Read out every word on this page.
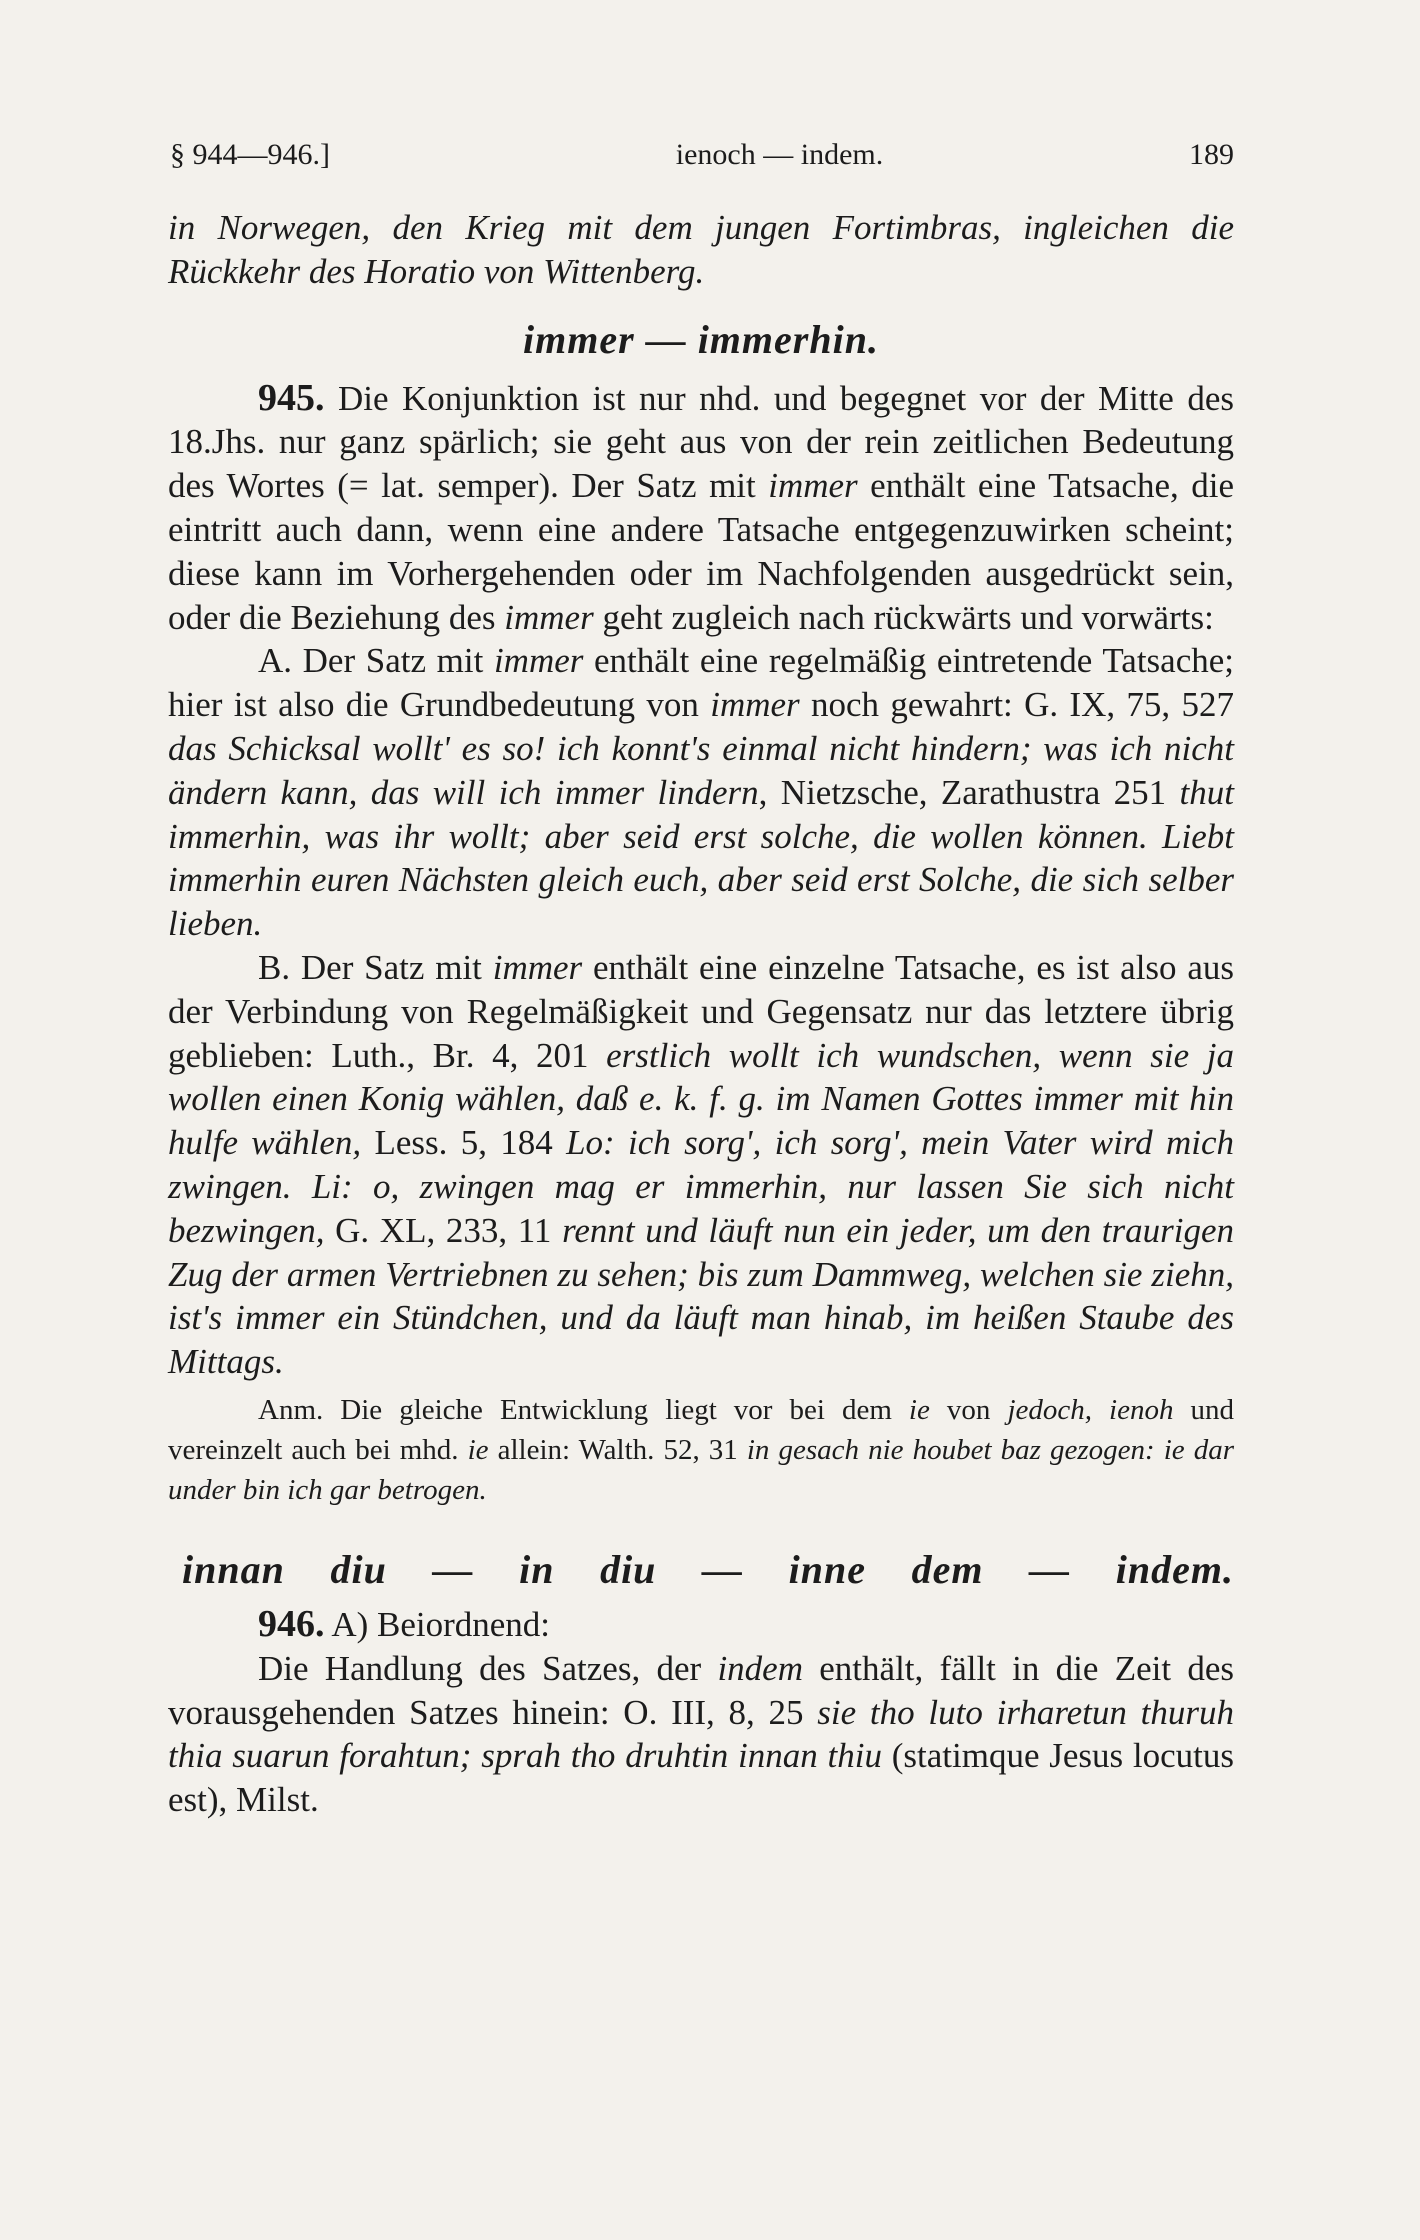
§ 944—946.]	ienoch — indem.	189

in Norwegen, den Krieg mit dem jungen Fortimbras, ingleichen die Rückkehr des Horatio von Wittenberg.

immer — immerhin.

945. Die Konjunktion ist nur nhd. und begegnet vor der Mitte des 18.Jhs. nur ganz spärlich; sie geht aus von der rein zeitlichen Bedeutung des Wortes (= lat. semper). Der Satz mit immer enthält eine Tatsache, die eintritt auch dann, wenn eine andere Tatsache entgegenzuwirken scheint; diese kann im Vorhergehenden oder im Nachfolgenden ausgedrückt sein, oder die Beziehung des immer geht zugleich nach rückwärts und vorwärts:

A. Der Satz mit immer enthält eine regelmäßig eintretende Tatsache; hier ist also die Grundbedeutung von immer noch gewahrt: G. IX, 75, 527 das Schicksal wollt' es so! ich konnt's einmal nicht hindern; was ich nicht ändern kann, das will ich immer lindern, Nietzsche, Zarathustra 251 thut immerhin, was ihr wollt; aber seid erst solche, die wollen können. Liebt immerhin euren Nächsten gleich euch, aber seid erst Solche, die sich selber lieben.

B. Der Satz mit immer enthält eine einzelne Tatsache, es ist also aus der Verbindung von Regelmäßigkeit und Gegensatz nur das letztere übrig geblieben: Luth., Br. 4, 201 erstlich wollt ich wundschen, wenn sie ja wollen einen Konig wählen, daß e. k. f. g. im Namen Gottes immer mit hin hulfe wählen, Less. 5, 184 Lo: ich sorg', ich sorg', mein Vater wird mich zwingen. Li: o, zwingen mag er immerhin, nur lassen Sie sich nicht bezwingen, G. XL, 233, 11 rennt und läuft nun ein jeder, um den traurigen Zug der armen Vertriebnen zu sehen; bis zum Dammweg, welchen sie ziehn, ist's immer ein Stündchen, und da läuft man hinab, im heißen Staube des Mittags.

Anm. Die gleiche Entwicklung liegt vor bei dem ie von jedoch, ienoh und vereinzelt auch bei mhd. ie allein: Walth. 52, 31 in gesach nie houbet baz gezogen: ie dar under bin ich gar betrogen.

innan diu — in diu — inne dem — indem.

946. A) Beiordnend:

Die Handlung des Satzes, der indem enthält, fällt in die Zeit des vorausgehenden Satzes hinein: O. III, 8, 25 sie tho luto irharetun thuruh thia suarun forahtun; sprah tho druhtin innan thiu (statimque Jesus locutus est), Milst.
